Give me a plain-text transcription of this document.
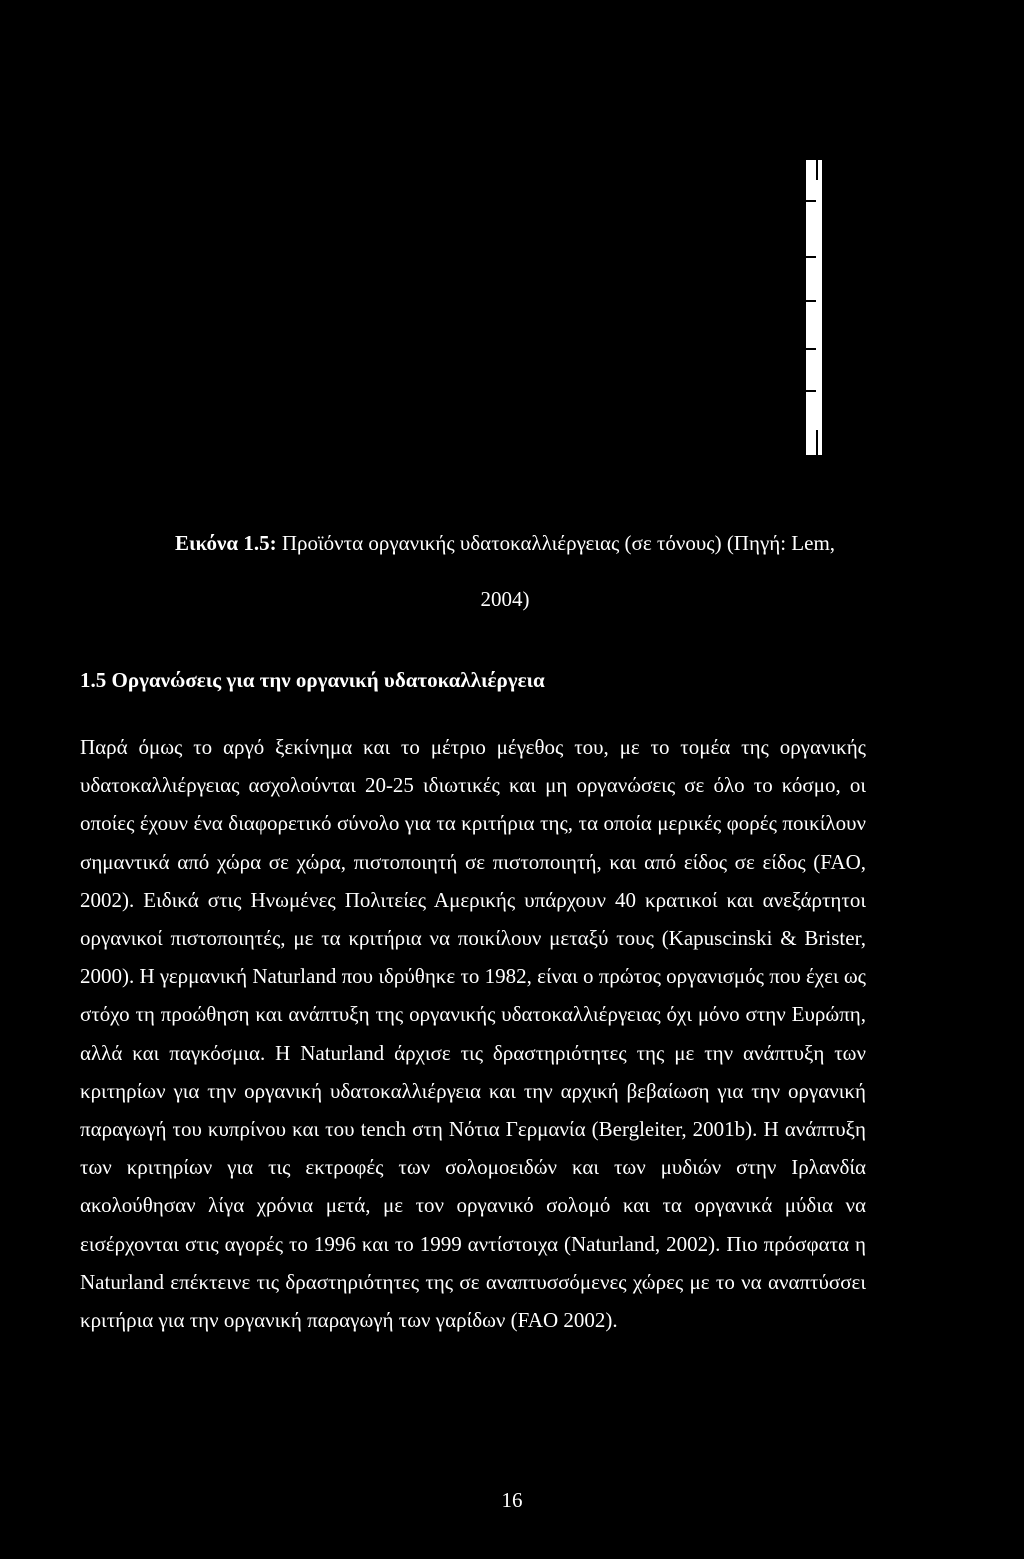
Εικόνα 1.5: Προϊόντα οργανικής υδατοκαλλιέργειας (σε τόνους) (Πηγή: Lem,
2004)
1.5 Οργανώσεις για την οργανική υδατοκαλλιέργεια

Παρά όμως το αργό ξεκίνημα και το μέτριο μέγεθος του, με το τομέα της οργανικής υδατοκαλλιέργειας ασχολούνται 20-25 ιδιωτικές και μη οργανώσεις σε όλο το κόσμο, οι οποίες έχουν ένα διαφορετικό σύνολο για τα κριτήρια της, τα οποία μερικές φορές ποικίλουν σημαντικά από χώρα σε χώρα, πιστοποιητή σε πιστοποιητή, και από είδος σε είδος (FAO, 2002). Ειδικά στις Ηνωμένες Πολιτείες Αμερικής υπάρχουν 40 κρατικοί και ανεξάρτητοι οργανικοί πιστοποιητές, με τα κριτήρια να ποικίλουν μεταξύ τους (Kapuscinski & Brister, 2000). Η γερμανική Naturland που ιδρύθηκε το 1982, είναι ο πρώτος οργανισμός που έχει ως στόχο τη προώθηση και ανάπτυξη της οργανικής υδατοκαλλιέργειας όχι μόνο στην Ευρώπη, αλλά και παγκόσμια. Η Naturland άρχισε τις δραστηριότητες της με την ανάπτυξη των κριτηρίων για την οργανική υδατοκαλλιέργεια και την αρχική βεβαίωση για την οργανική παραγωγή του κυπρίνου και του tench στη Νότια Γερμανία (Bergleiter, 2001b). Η ανάπτυξη των κριτηρίων για τις εκτροφές των σολομοειδών και των μυδιών στην Ιρλανδία ακολούθησαν λίγα χρόνια μετά, με τον οργανικό σολομό και τα οργανικά μύδια να εισέρχονται στις αγορές το 1996 και το 1999 αντίστοιχα (Naturland, 2002). Πιο πρόσφατα η Naturland επέκτεινε τις δραστηριότητες της σε αναπτυσσόμενες χώρες με το να αναπτύσσει κριτήρια για την οργανική παραγωγή των γαρίδων (FAO 2002).

16
